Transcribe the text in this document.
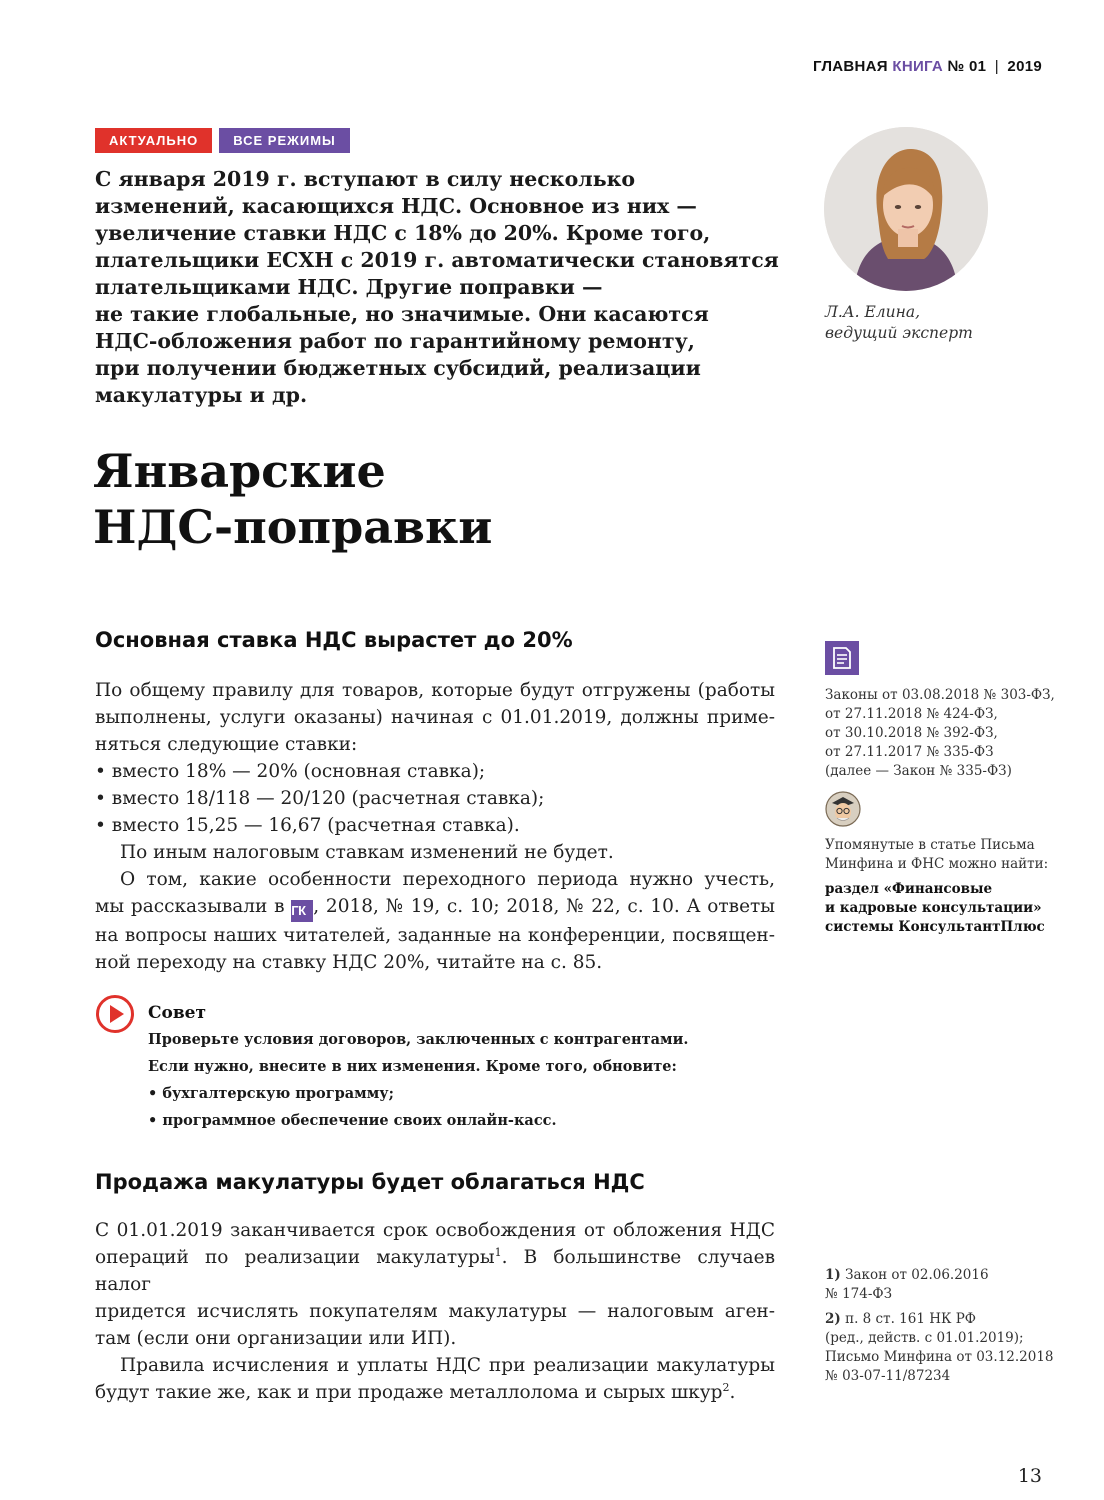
ГЛАВНАЯ КНИГА № 01 | 2019
АКТУАЛЬНО	ВСЕ РЕЖИМЫ
С января 2019 г. вступают в силу несколько
изменений, касающихся НДС. Основное из них —
увеличение ставки НДС с 18% до 20%. Кроме того,
плательщики ЕСХН с 2019 г. автоматически становятся
плательщиками НДС. Другие поправки —
не такие глобальные, но значимые. Они касаются
НДС-обложения работ по гарантийному ремонту,
при получении бюджетных субсидий, реализации
макулатуры и др.
Л.А. Елина,
ведущий эксперт
Январские
НДС-поправки
Основная ставка НДС вырастет до 20%
По общему правилу для товаров, которые будут отгружены (работы
выполнены, услуги оказаны) начиная с 01.01.2019, должны приме-
няться следующие ставки:
• вместо 18% — 20% (основная ставка);
• вместо 18/118 — 20/120 (расчетная ставка);
• вместо 15,25 — 16,67 (расчетная ставка).
По иным налоговым ставкам изменений не будет.
О том, какие особенности переходного периода нужно учесть,
мы рассказывали в ГК , 2018, № 19, с. 10; 2018, № 22, с. 10. А ответы
на вопросы наших читателей, заданные на конференции, посвящен-
ной переходу на ставку НДС 20%, читайте на с. 85.
Совет
Проверьте условия договоров, заключенных с контрагентами.
Если нужно, внесите в них изменения. Кроме того, обновите:
• бухгалтерскую программу;
• программное обеспечение своих онлайн-касс.
Продажа макулатуры будет облагаться НДС
С 01.01.2019 заканчивается срок освобождения от обложения НДС
операций по реализации макулатуры$^1$. В большинстве случаев налог
придется исчислять покупателям макулатуры — налоговым аген-
там (если они организации или ИП).
Правила исчисления и уплаты НДС при реализации макулатуры
будут такие же, как и при продаже металлолома и сырых шкур$^2$.
Законы от 03.08.2018 № 303-ФЗ,
от 27.11.2018 № 424-ФЗ,
от 30.10.2018 № 392-ФЗ,
от 27.11.2017 № 335-ФЗ
(далее — Закон № 335-ФЗ)
Упомянутые в статье Письма
Минфина и ФНС можно найти:
раздел «Финансовые
и кадровые консультации»
системы КонсультантПлюс
1) Закон от 02.06.2016
№ 174-ФЗ
2) п. 8 ст. 161 НК РФ
(ред., действ. с 01.01.2019);
Письмо Минфина от 03.12.2018
№ 03-07-11/87234
13
